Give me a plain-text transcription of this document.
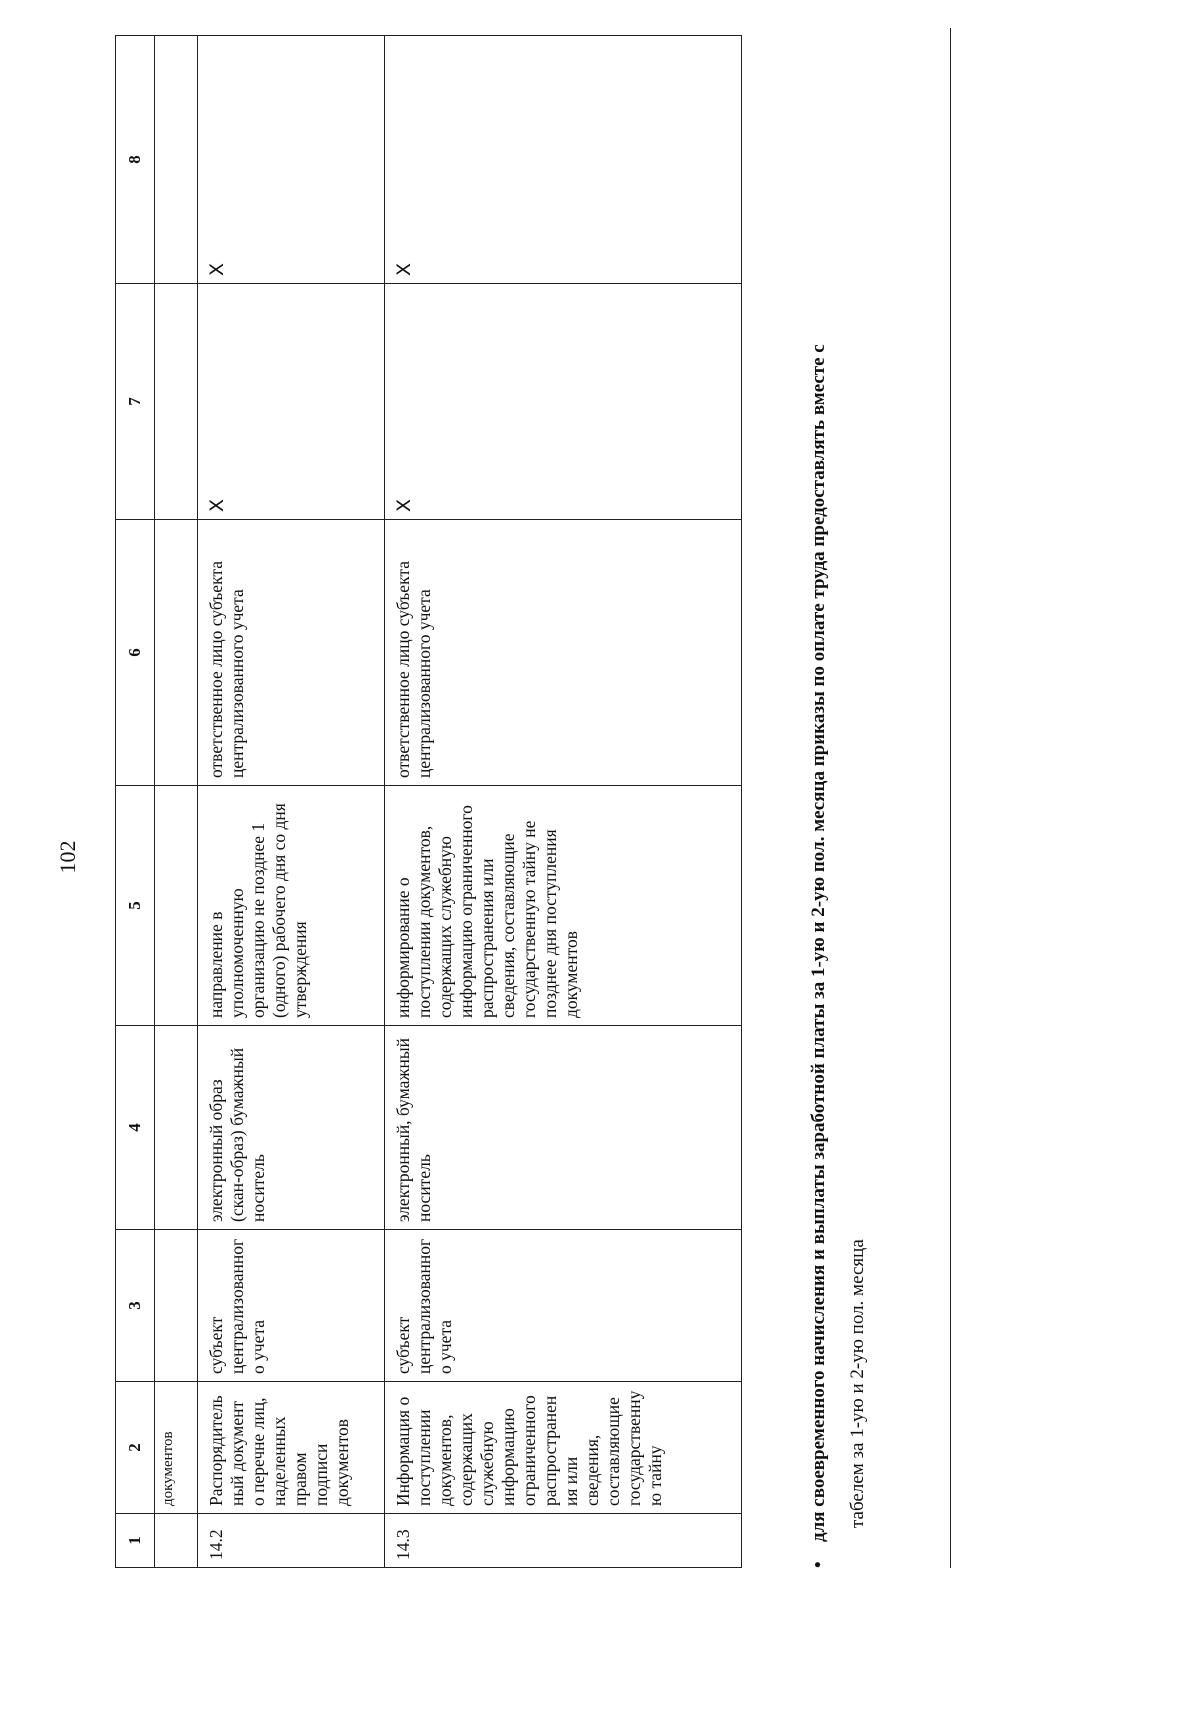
102
1	2	3	4	5	6	7	8
	документов						
14.2	Распорядительный документ о перечне лиц, наделенных правом подписи документов	субъект централизованного учета	электронный образ (скан-образ) бумажный носитель	направление в уполномоченную организацию не позднее 1 (одного) рабочего дня со дня утверждения	ответственное лицо субъекта централизованного учета	X	X
14.3	Информация о поступлении документов, содержащих служебную информацию ограниченного распространения или сведения, составляющие государственную тайну	субъект централизованного учета	электронный, бумажный носитель	информирование о поступлении документов, содержащих служебную информацию ограниченного распространения или сведения, составляющие государственную тайну не позднее дня поступления документов	ответственное лицо субъекта централизованного учета	X	X
•для своевременного начисления и выплаты заработной платы за 1-ую и 2-ую пол. месяца приказы по оплате труда предоставлять вместе с табелем за 1-ую и 2-ую пол. месяца
